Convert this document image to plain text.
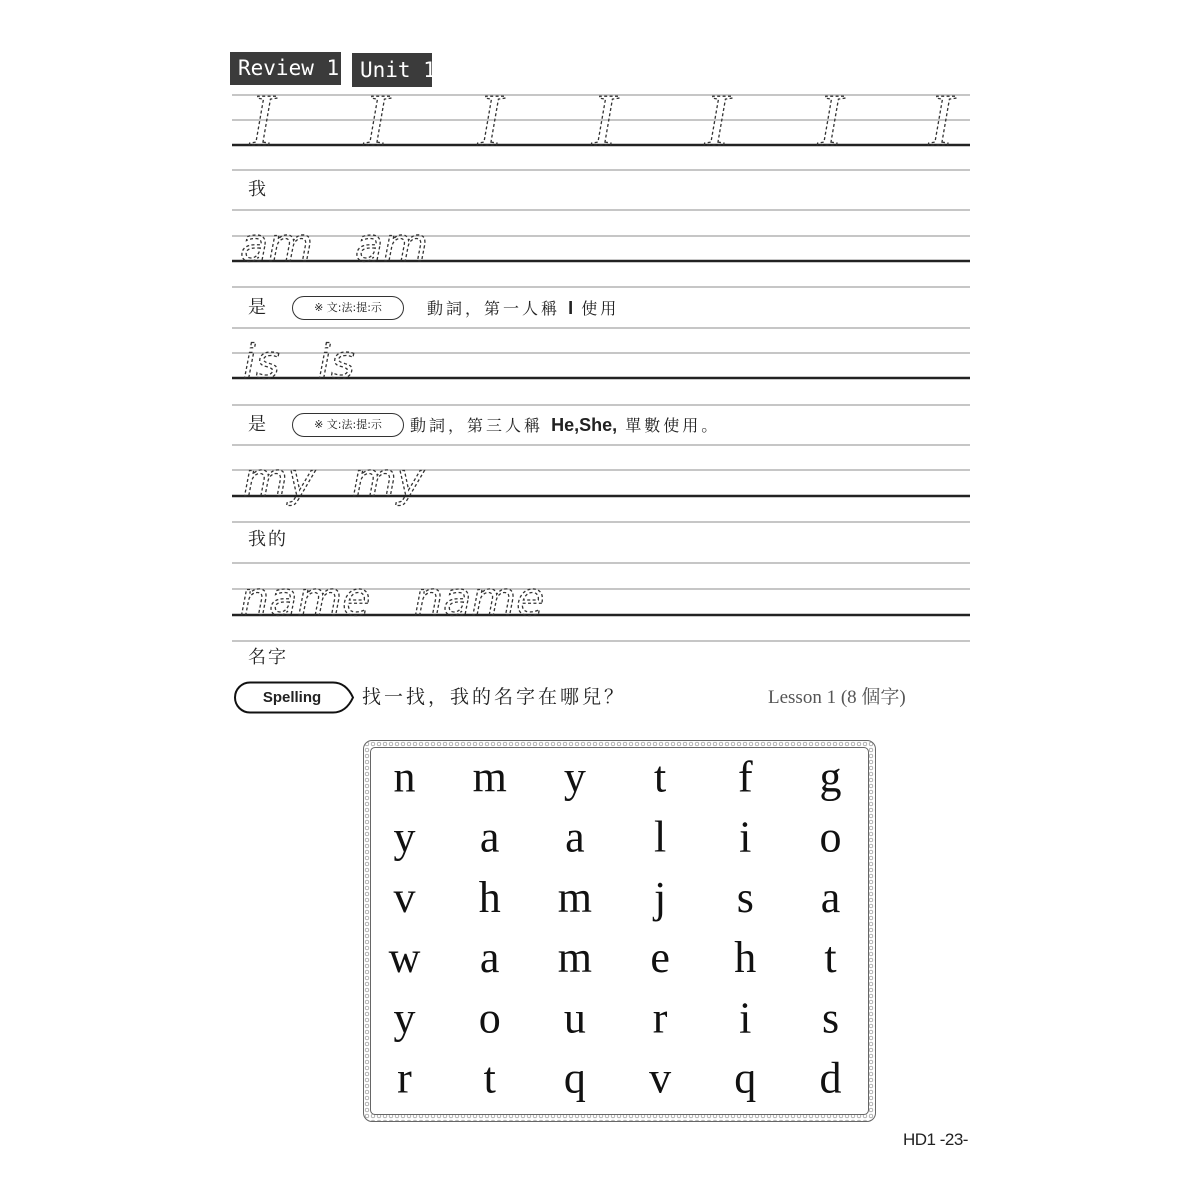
Review 1 Unit 1
I I I I I I I
am am
is is
my my
name name
我
是	※ 文:法:提:示	動詞，第一人稱 I 使用
是	※ 文:法:提:示	動詞，第三人稱 He,She, 單數使用。
我的
名字
Spelling	找一找，我的名字在哪兒？	Lesson 1 (8 個字)
n m y t f g
y a a l i o
v h m j s a
w a m e h t
y o u r i s
r t q v q d
HD1 -23-
